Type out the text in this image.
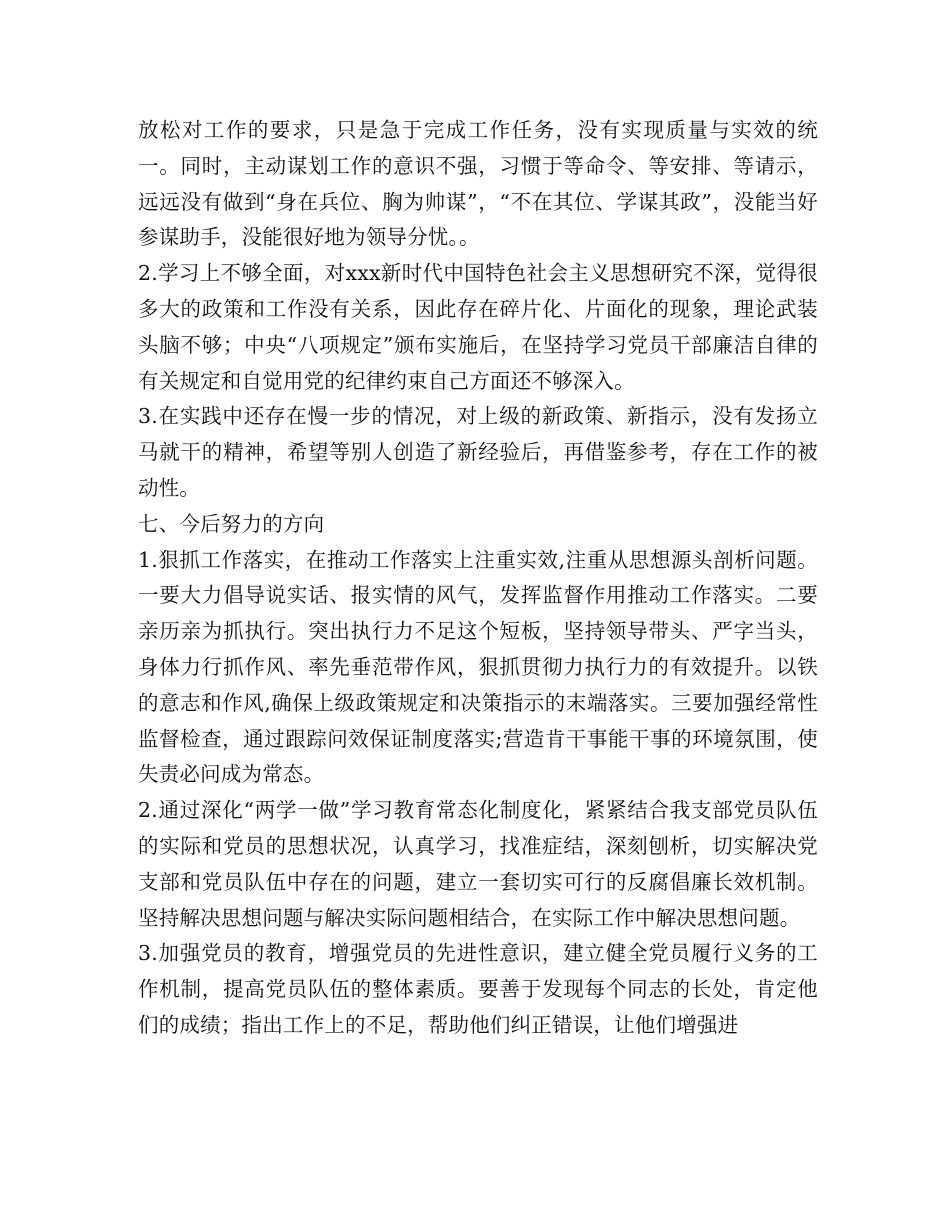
放松对工作的要求，只是急于完成工作任务，没有实现质量与实效的统一。同时，主动谋划工作的意识不强，习惯于等命令、等安排、等请示，远远没有做到“身在兵位、胸为帅谋”，“不在其位、学谋其政”，没能当好参谋助手，没能很好地为领导分忧。。

2.学习上不够全面，对xxx新时代中国特色社会主义思想研究不深，觉得很多大的政策和工作没有关系，因此存在碎片化、片面化的现象，理论武装头脑不够；中央“八项规定”颁布实施后，在坚持学习党员干部廉洁自律的有关规定和自觉用党的纪律约束自己方面还不够深入。

3.在实践中还存在慢一步的情况，对上级的新政策、新指示，没有发扬立马就干的精神，希望等别人创造了新经验后，再借鉴参考，存在工作的被动性。

七、今后努力的方向

1.狠抓工作落实，在推动工作落实上注重实效,注重从思想源头剖析问题。一要大力倡导说实话、报实情的风气，发挥监督作用推动工作落实。二要亲历亲为抓执行。突出执行力不足这个短板，坚持领导带头、严字当头，身体力行抓作风、率先垂范带作风，狠抓贯彻力执行力的有效提升。以铁的意志和作风,确保上级政策规定和决策指示的末端落实。三要加强经常性监督检查，通过跟踪问效保证制度落实;营造肯干事能干事的环境氛围，使失责必问成为常态。

2.通过深化“两学一做”学习教育常态化制度化，紧紧结合我支部党员队伍的实际和党员的思想状况，认真学习，找准症结，深刻刨析，切实解决党支部和党员队伍中存在的问题，建立一套切实可行的反腐倡廉长效机制。坚持解决思想问题与解决实际问题相结合，在实际工作中解决思想问题。

3.加强党员的教育，增强党员的先进性意识，建立健全党员履行义务的工作机制，提高党员队伍的整体素质。要善于发现每个同志的长处，肯定他们的成绩；指出工作上的不足，帮助他们纠正错误，让他们增强进
